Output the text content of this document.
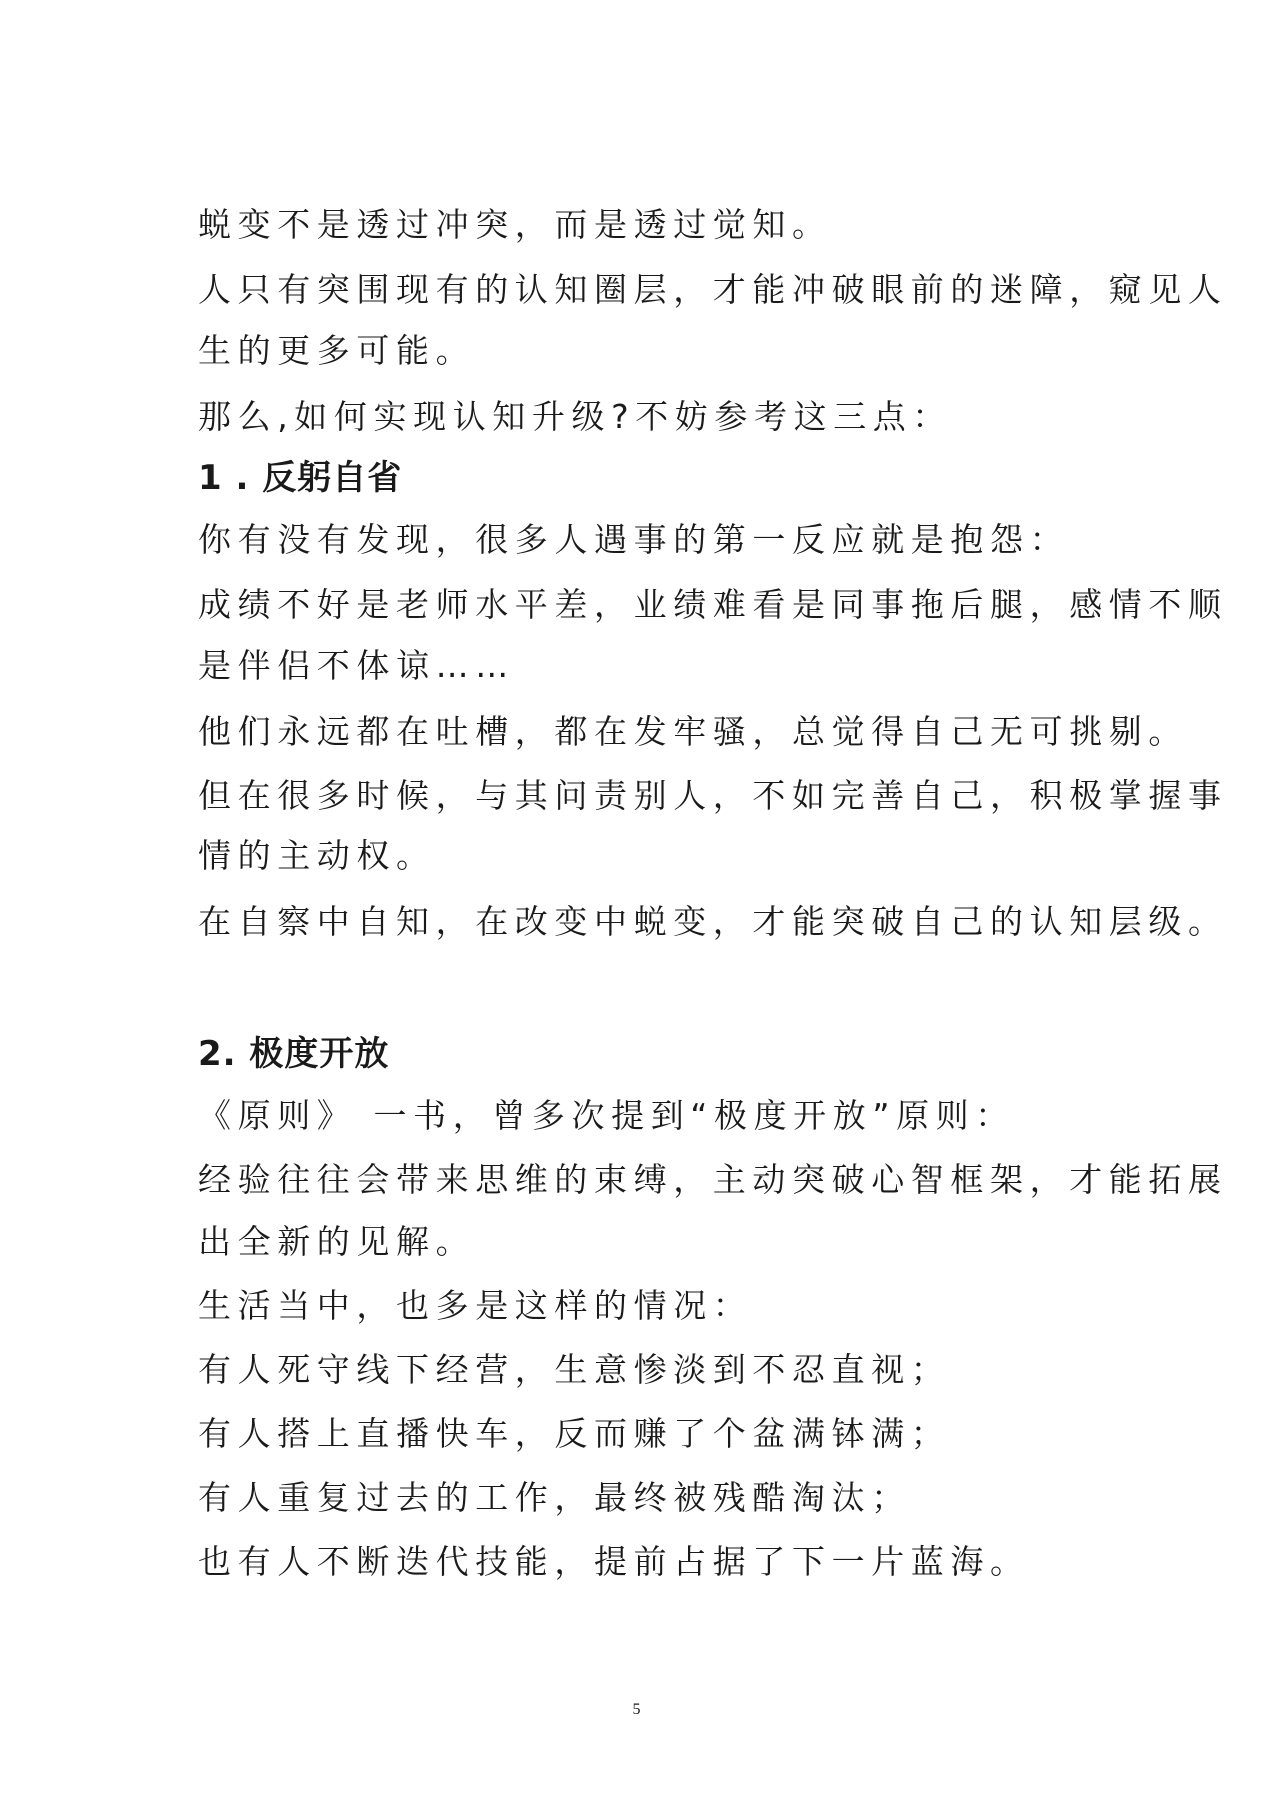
蜕变不是透过冲突，而是透过觉知。
人只有突围现有的认知圈层，才能冲破眼前的迷障，窥见人
生的更多可能。
那么,如何实现认知升级?不妨参考这三点：
1 . 反躬自省
你有没有发现，很多人遇事的第一反应就是抱怨：
成绩不好是老师水平差，业绩难看是同事拖后腿，感情不顺
是伴侣不体谅……
他们永远都在吐槽，都在发牢骚，总觉得自己无可挑剔。
但在很多时候，与其问责别人，不如完善自己，积极掌握事
情的主动权。
在自察中自知，在改变中蜕变，才能突破自己的认知层级。
2. 极度开放
《原则》 一书，曾多次提到“极度开放”原则：
经验往往会带来思维的束缚，主动突破心智框架，才能拓展
出全新的见解。
生活当中，也多是这样的情况：
有人死守线下经营，生意惨淡到不忍直视；
有人搭上直播快车，反而赚了个盆满钵满；
有人重复过去的工作，最终被残酷淘汰；
也有人不断迭代技能，提前占据了下一片蓝海。
5
